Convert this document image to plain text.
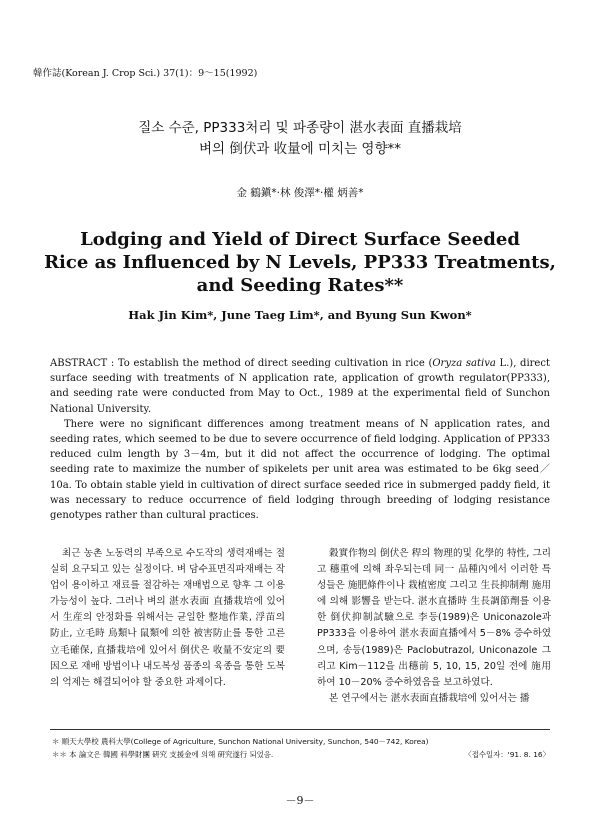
韓作誌(Korean J. Crop Sci.) 37(1)：9～15(1992)
질소 수준, PP333처리 및 파종량이 湛水表面 直播栽培
벼의 倒伏과 收量에 미치는 영향**
金 鶴鎭*·林 俊澤*·權 炳善*
Lodging and Yield of Direct Surface Seeded
Rice as Influenced by N Levels, PP333 Treatments,
and Seeding Rates**
Hak Jin Kim*, June Taeg Lim*, and Byung Sun Kwon*

ABSTRACT : To establish the method of direct seeding cultivation in rice (Oryza sativa L.), direct surface seeding with treatments of N application rate, application of growth regulator(PP333), and seeding rate were conducted from May to Oct., 1989 at the experimental field of Sunchon National University.

There were no significant differences among treatment means of N application rates, and seeding rates, which seemed to be due to severe occurrence of field lodging. Application of PP333 reduced culm length by 3－4m, but it did not affect the occurrence of lodging. The optimal seeding rate to maximize the number of spikelets per unit area was estimated to be 6kg seed／10a. To obtain stable yield in cultivation of direct surface seeded rice in submerged paddy field, it was necessary to reduce occurrence of field lodging through breeding of lodging resistance genotypes rather than cultural practices.

최근 농촌 노동력의 부족으로 수도작의 생력재배는 절실히 요구되고 있는 실정이다. 벼 담수표면직파재배는 작업이 용이하고 재료를 절감하는 재배법으로 향후 그 이용 가능성이 높다. 그러나 벼의 湛水表面 直播栽培에 있어서 生産의 안정화를 위해서는 균일한 整地作業, 浮苗의 防止, 立毛時 鳥類나 鼠類에 의한 被害防止를 통한 고른 立毛確保, 直播栽培에 있어서 倒伏은 收量不安定의 要因으로 재배 방법이나 내도복성 품종의 육종을 통한 도복의 억제는 해결되어야 할 중요한 과제이다.

穀實作物의 倒伏은 稈의 物理的및 化學的 特性, 그리고 穗重에 의해 좌우되는데 同一 品種內에서 이러한 특성들은 施肥條件이나 栽植密度 그리고 生長抑制劑 施用에 의해 影響을 받는다. 湛水直播時 生長調節劑를 이용한 倒伏抑制試驗으로 李등(1989)은 Uniconazole과 PP333을 이용하여 湛水表面直播에서 5－8% 증수하였으며, 송등(1989)은 Paclobutrazol, Uniconazole 그리고 Kim－112을 出穗前 5, 10, 15, 20일 전에 施用하여 10－20% 증수하였음을 보고하였다.

본 연구에서는 湛水表面直播栽培에 있어서는 播

＊ 順天大學校 農科大學(College of Agriculture, Sunchon National University, Sunchon, 540－742, Korea)
＊＊ 本 論文은 韓國 科學財團 硏究 支援金에 의해 硏究遂行 되었음.	〈접수일자：'91. 8. 16〉
－9－
